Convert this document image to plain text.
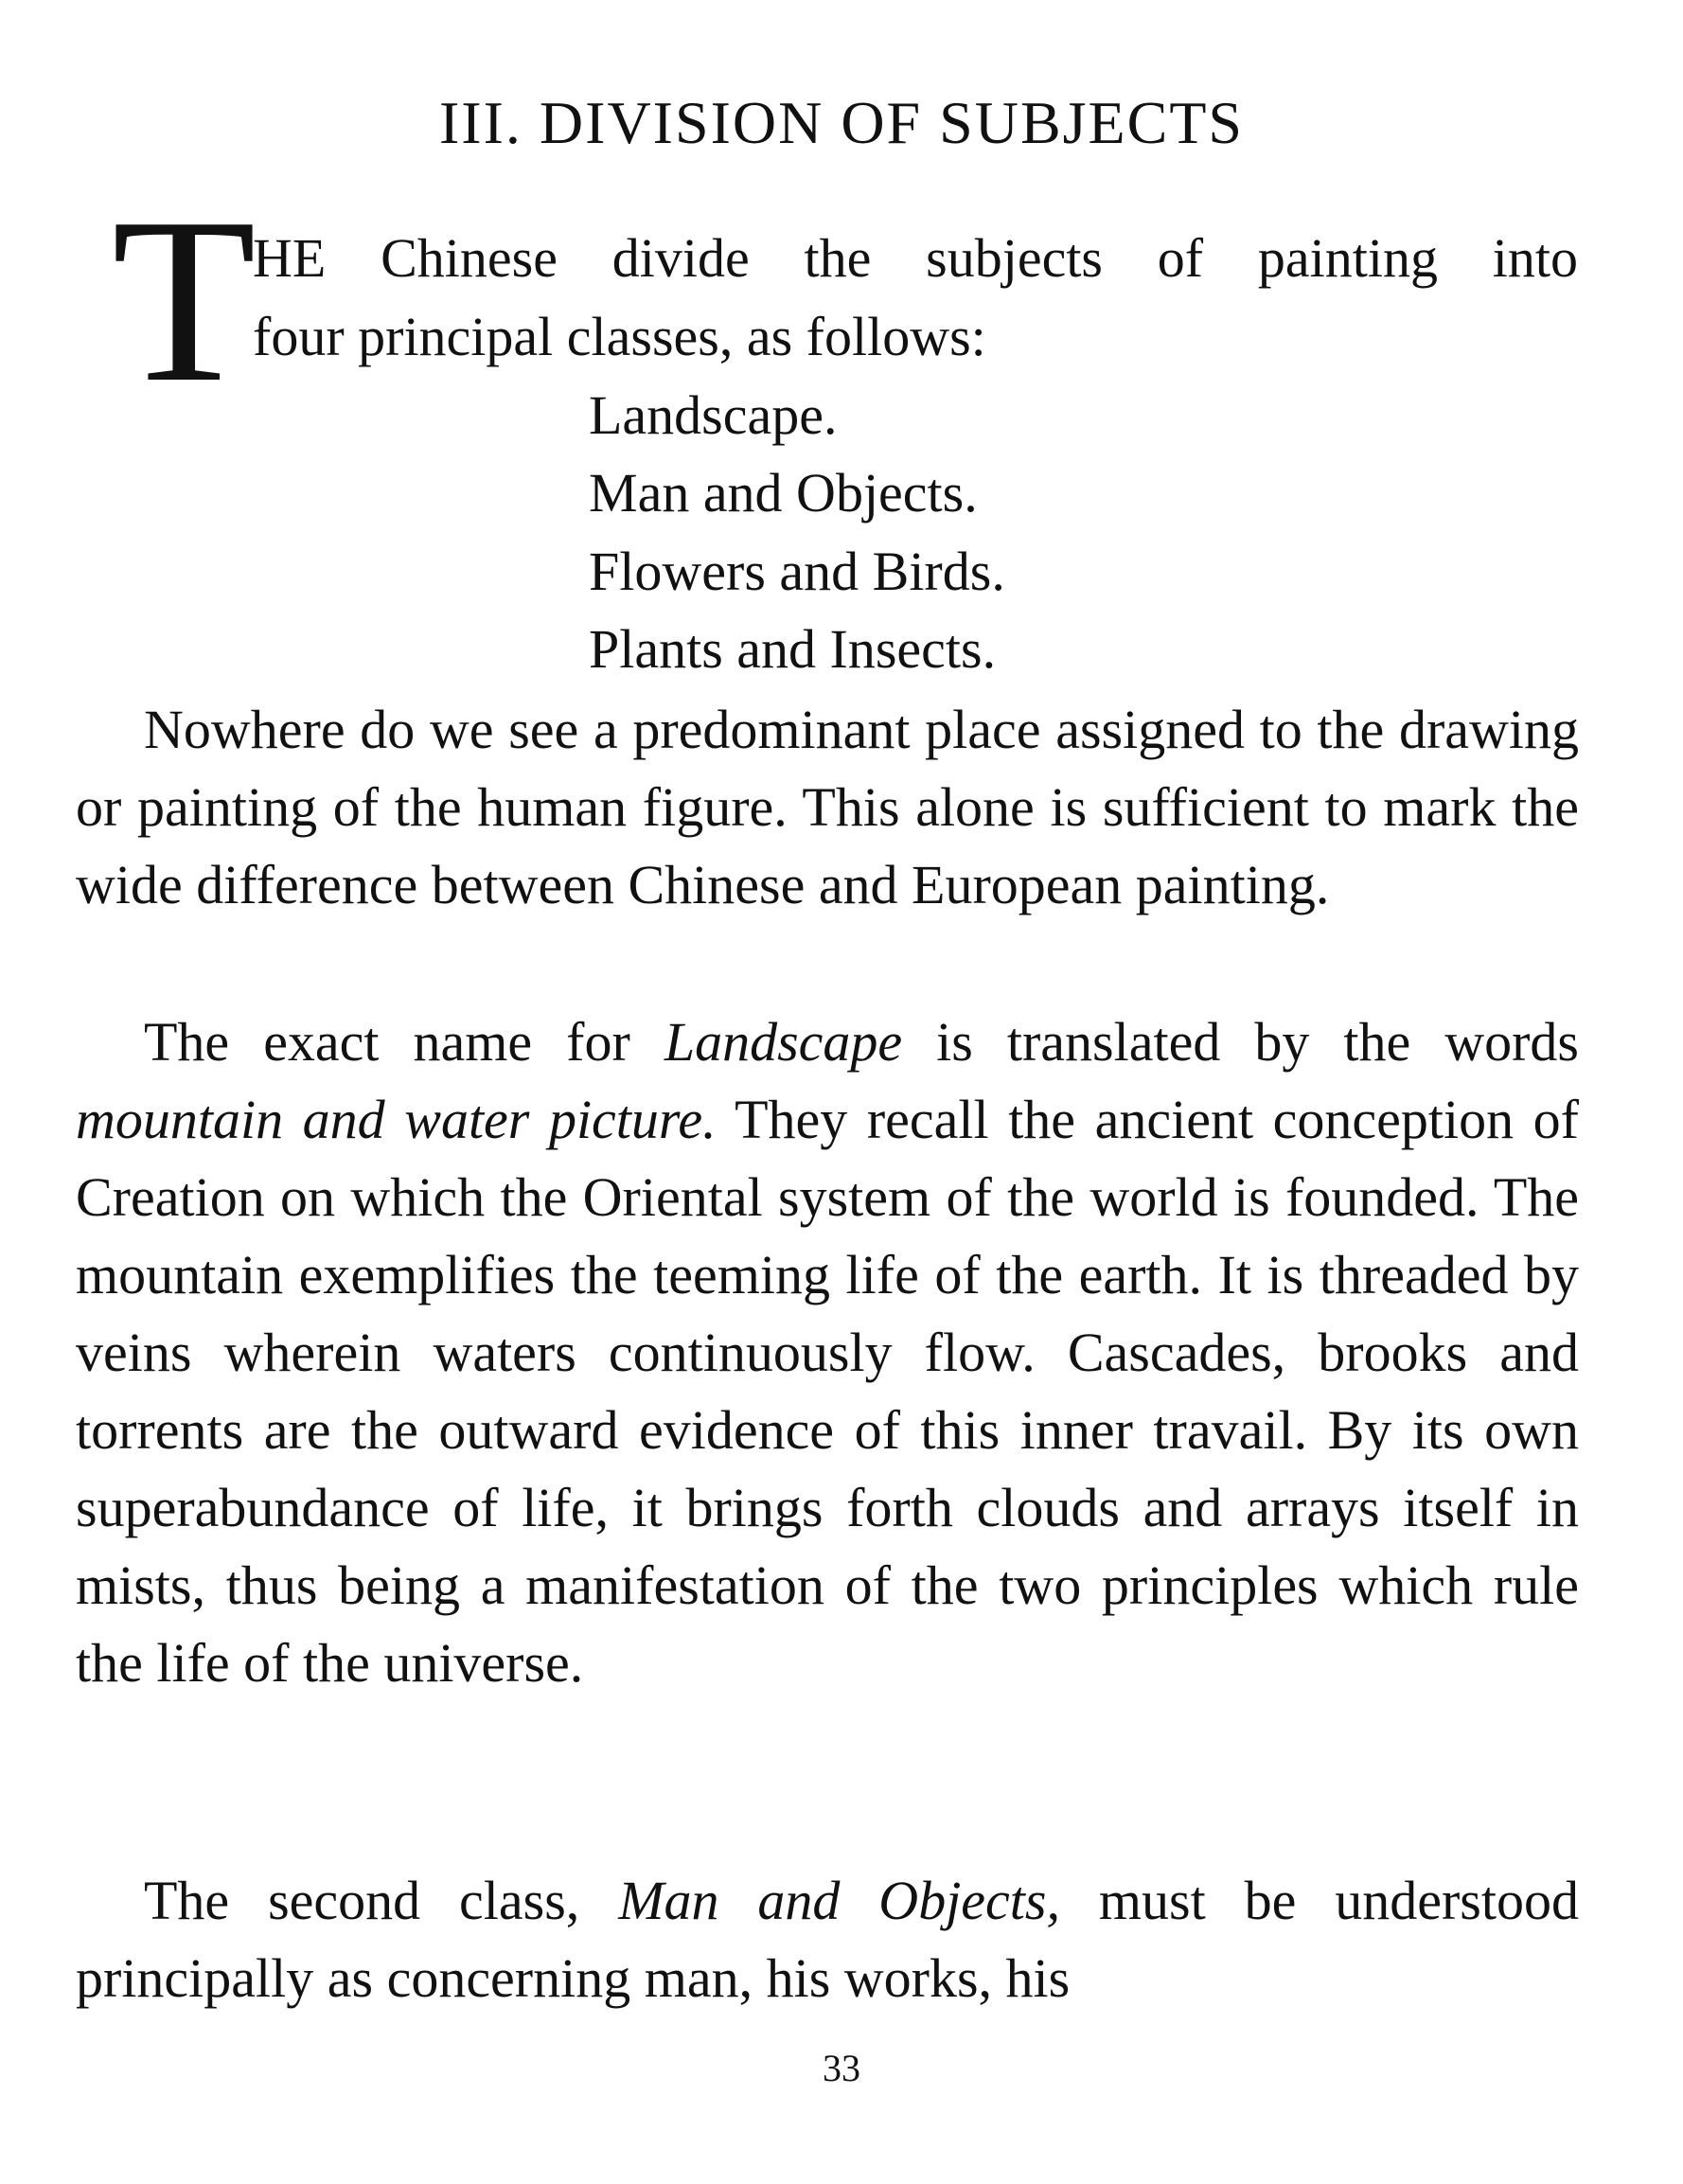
III. DIVISION OF SUBJECTS
T
HE Chinese divide the subjects of painting into
four principal classes, as follows:
Landscape.
Man and Objects.
Flowers and Birds.
Plants and Insects.

Nowhere do we see a predominant place assigned to the drawing or painting of the human figure. This alone is sufficient to mark the wide difference between Chinese and European painting.

The exact name for Landscape is translated by the words mountain and water picture. They recall the ancient conception of Creation on which the Oriental system of the world is founded. The mountain exemplifies the teeming life of the earth. It is threaded by veins wherein waters continuously flow. Cascades, brooks and torrents are the outward evidence of this inner travail. By its own superabundance of life, it brings forth clouds and arrays itself in mists, thus being a manifestation of the two principles which rule the life of the universe.

The second class, Man and Objects, must be understood principally as concerning man, his works, his

33
